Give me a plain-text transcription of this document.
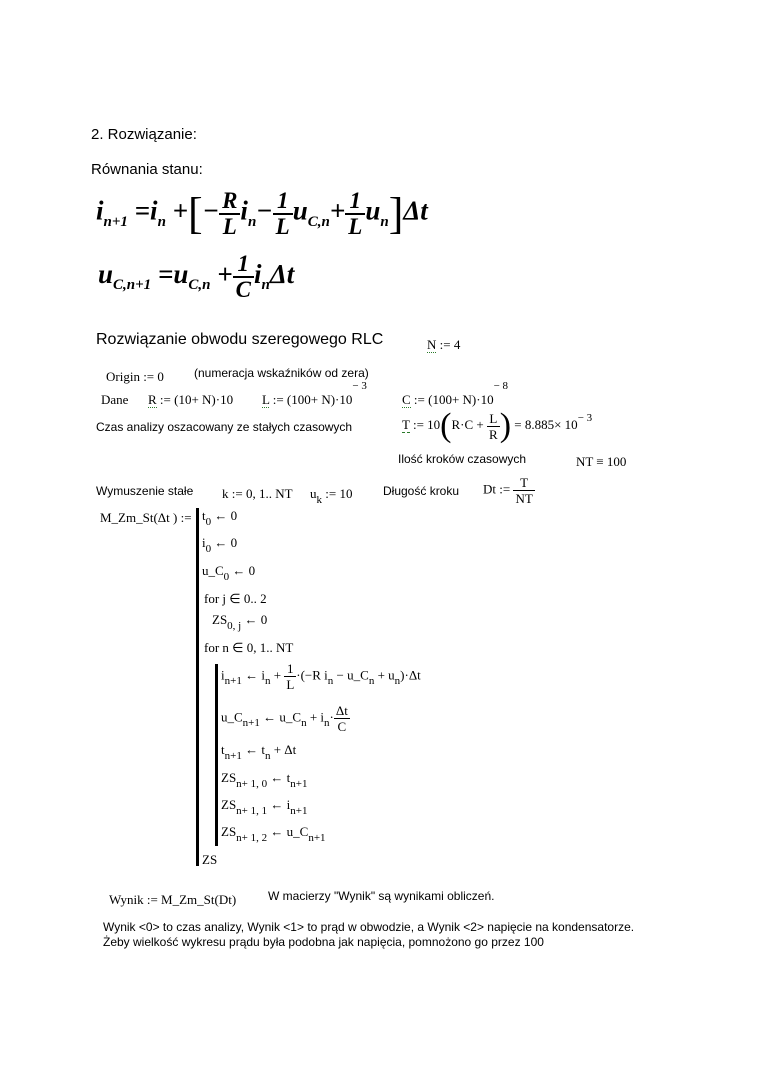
2. Rozwiązanie:
Równania stanu:
$i_{n+1} =i_n$ +[− $\frac{R}{L} i_n- \frac{1}{L} u_{C,n}+ \frac{1}{L} u_n]\Delta t$
$u_{C,n+1} =u_{C,n} + \frac{1}{C} i_n\Delta t$
Rozwiązanie obwodu szeregowego RLC	N := 4
Origin := 0	(numeracja wskaźników od zera)
Dane R := (10+ N)·10 L := $(100+ N)\cdot 10^{- 3}$
C := $(100+ N)\cdot 10^{- 8}$
Czas analizy oszacowany ze stałych czasowych	T := $10(R\cdot C + \frac{L}{R}$ ) = $8.885\times 10^{- 3}$
Ilość kroków czasowych	NT ≡ 100
Wymuszenie stałe k := 0, 1.. NT $u_k$ := 10	Długość kroku Dt := $\frac{T}{NT}$
M_Zm_St(Δt ) := $t_0$ ← 0
$i_0$ ← 0
$u\_C_0$ ← 0
for j ∈ 0.. 2
$ZS_{0, j}$ ← 0
for n ∈ 0, 1.. NT
$i_{n+1}$ ← $i_n + \frac{1}{L} \cdot(-R$ $i_n$ − $u\_C_n + u_n)\cdot\Delta t$
$u\_C_{n+1}$ ← $u\_C_n + i_n\cdot \frac{\Delta t}{C}$
$t_{n+1}$ ← $t_n + \Delta t$
$ZS_{n+ 1, 0}$ ← $t_{n+1}$
$ZS_{n+ 1, 1}$ ← $i_{n+1}$
$ZS_{n+ 1, 2}$ ← $u\_C_{n+1}$
ZS
Wynik := M_Zm_St(Dt)	W macierzy "Wynik" są wynikami obliczeń.
Wynik <0> to czas analizy, Wynik <1> to prąd w obwodzie, a Wynik <2> napięcie na kondensatorze.
Żeby wielkość wykresu prądu była podobna jak napięcia, pomnożono go przez 100
